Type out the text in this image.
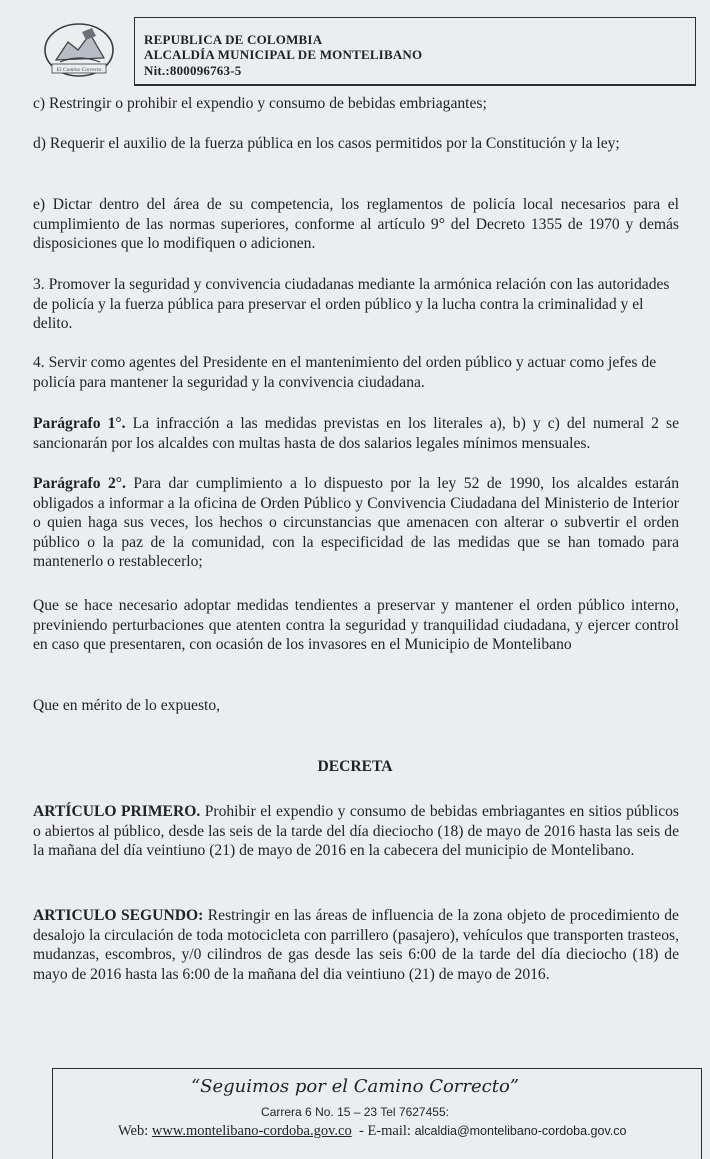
El Camino Correcto
REPUBLICA DE COLOMBIA
ALCALDÍA MUNICIPAL DE MONTELIBANO
Nit.:800096763-5
c) Restringir o prohibir el expendio y consumo de bebidas embriagantes;
d) Requerir el auxilio de la fuerza pública en los casos permitidos por la Constitución y la ley;
e) Dictar dentro del área de su competencia, los reglamentos de policía local necesarios para el cumplimiento de las normas superiores, conforme al artículo 9° del Decreto 1355 de 1970 y demás disposiciones que lo modifiquen o adicionen.
3. Promover la seguridad y convivencia ciudadanas mediante la armónica relación con las autoridades de policía y la fuerza pública para preservar el orden público y la lucha contra la criminalidad y el delito.
4. Servir como agentes del Presidente en el mantenimiento del orden público y actuar como jefes de policía para mantener la seguridad y la convivencia ciudadana.
Parágrafo 1°. La infracción a las medidas previstas en los literales a), b) y c) del numeral 2 se sancionarán por los alcaldes con multas hasta de dos salarios legales mínimos mensuales.
Parágrafo 2°. Para dar cumplimiento a lo dispuesto por la ley 52 de 1990, los alcaldes estarán obligados a informar a la oficina de Orden Público y Convivencia Ciudadana del Ministerio de Interior o quien haga sus veces, los hechos o circunstancias que amenacen con alterar o subvertir el orden público o la paz de la comunidad, con la especificidad de las medidas que se han tomado para mantenerlo o restablecerlo;
Que se hace necesario adoptar medidas tendientes a preservar y mantener el orden público interno, previniendo perturbaciones que atenten contra la seguridad y tranquilidad ciudadana, y ejercer control en caso que presentaren, con ocasión de los invasores en el Municipio de Montelibano
Que en mérito de lo expuesto,
DECRETA
ARTÍCULO PRIMERO. Prohibir el expendio y consumo de bebidas embriagantes en sitios públicos o abiertos al público, desde las seis de la tarde del día dieciocho (18) de mayo de 2016 hasta las seis de la mañana del día veintiuno (21) de mayo de 2016 en la cabecera del municipio de Montelibano.
ARTICULO SEGUNDO: Restringir en las áreas de influencia de la zona objeto de procedimiento de desalojo la circulación de toda motocicleta con parrillero (pasajero), vehículos que transporten trasteos, mudanzas, escombros, y/0 cilindros de gas desde las seis 6:00 de la tarde del día dieciocho (18) de mayo de 2016 hasta las 6:00 de la mañana del dia veintiuno (21) de mayo de 2016.
“Seguimos por el Camino Correcto”
Carrera 6 No. 15 – 23 Tel 7627455:
Web: www.montelibano-cordoba.gov.co  - E-mail: alcaldia@montelibano-cordoba.gov.co
